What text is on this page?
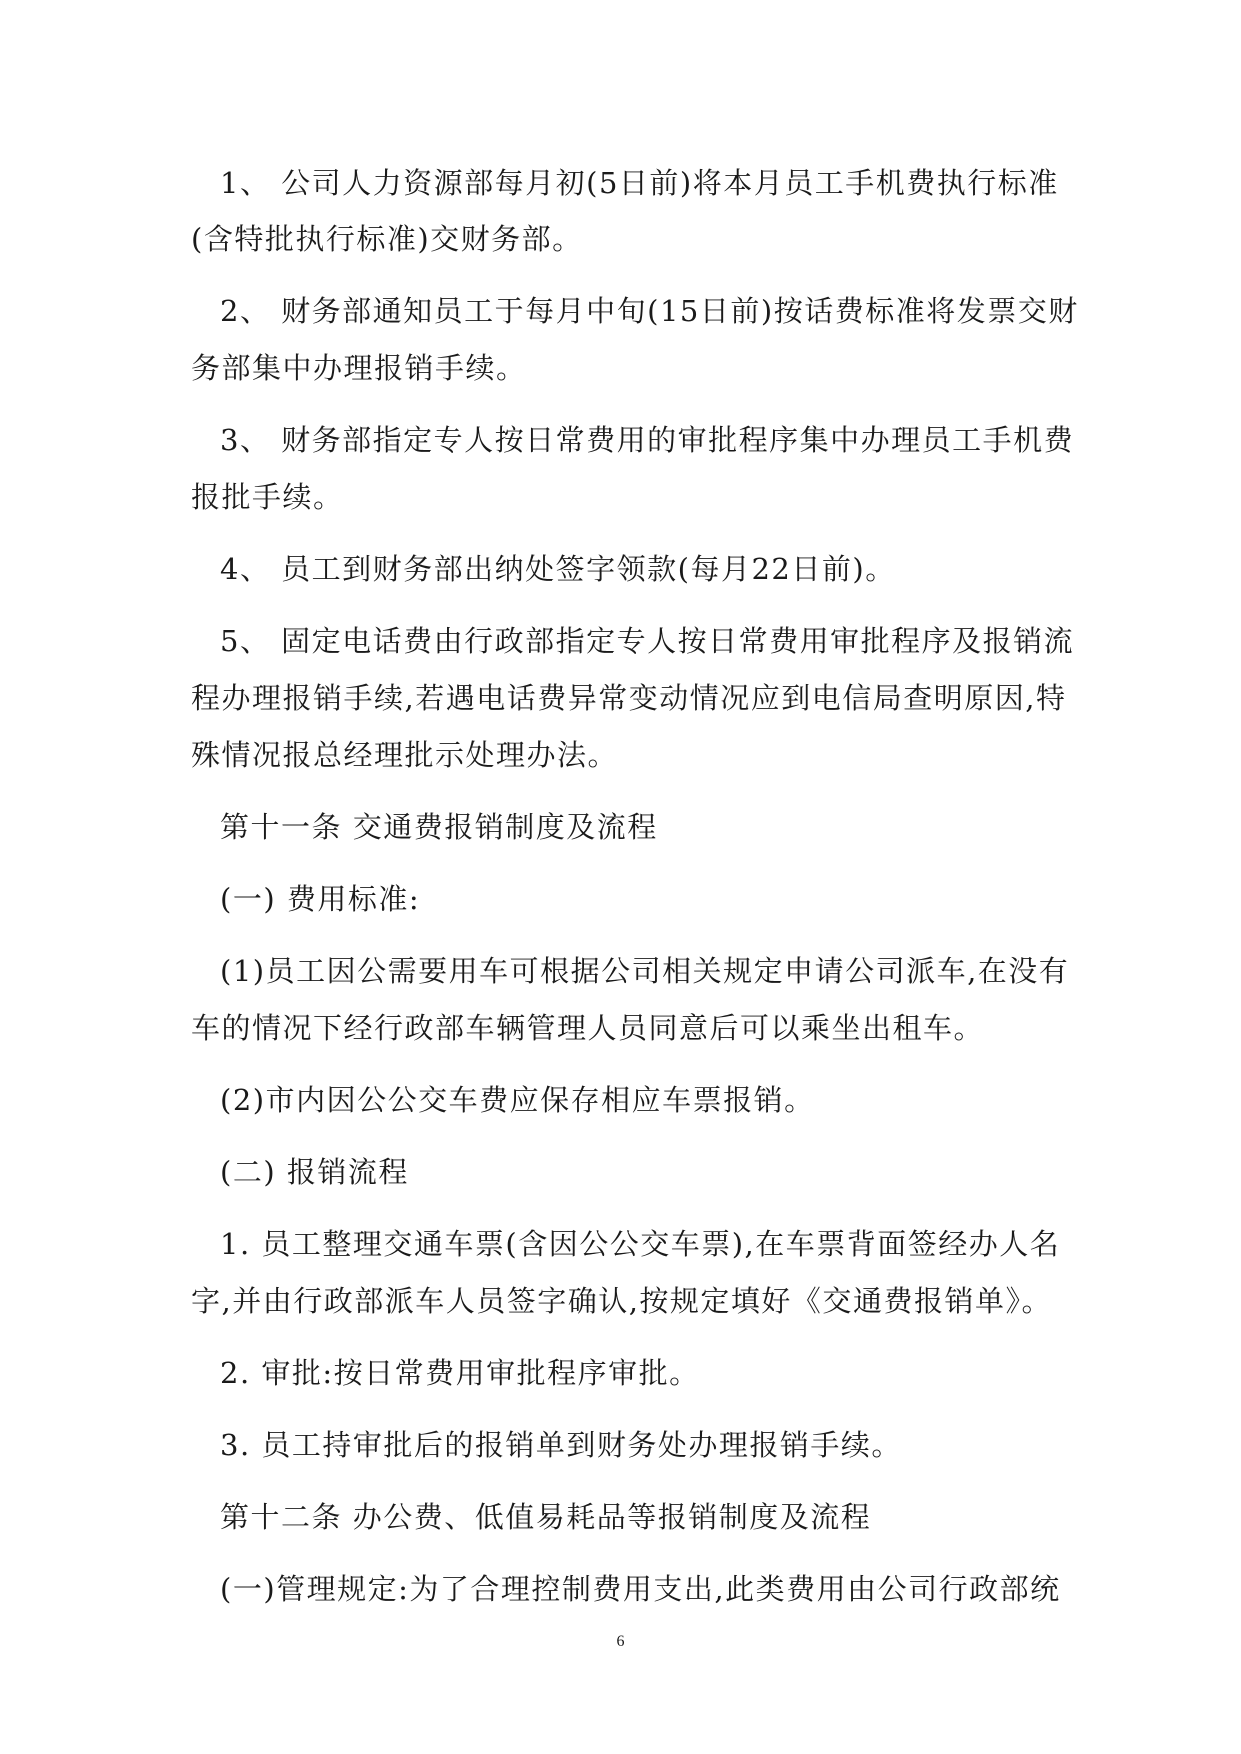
1、 公司人力资源部每月初(5日前)将本月员工手机费执行标准
(含特批执行标准)交财务部。
2、 财务部通知员工于每月中旬(15日前)按话费标准将发票交财
务部集中办理报销手续。
3、 财务部指定专人按日常费用的审批程序集中办理员工手机费
报批手续。
4、 员工到财务部出纳处签字领款(每月22日前)。
5、 固定电话费由行政部指定专人按日常费用审批程序及报销流
程办理报销手续,若遇电话费异常变动情况应到电信局查明原因,特
殊情况报总经理批示处理办法。
第十一条 交通费报销制度及流程
(一) 费用标准:
(1)员工因公需要用车可根据公司相关规定申请公司派车,在没有
车的情况下经行政部车辆管理人员同意后可以乘坐出租车。
(2)市内因公公交车费应保存相应车票报销。
(二) 报销流程
1. 员工整理交通车票(含因公公交车票),在车票背面签经办人名
字,并由行政部派车人员签字确认,按规定填好《交通费报销单》。
2. 审批:按日常费用审批程序审批。
3. 员工持审批后的报销单到财务处办理报销手续。
第十二条 办公费、低值易耗品等报销制度及流程
(一)管理规定:为了合理控制费用支出,此类费用由公司行政部统
6
